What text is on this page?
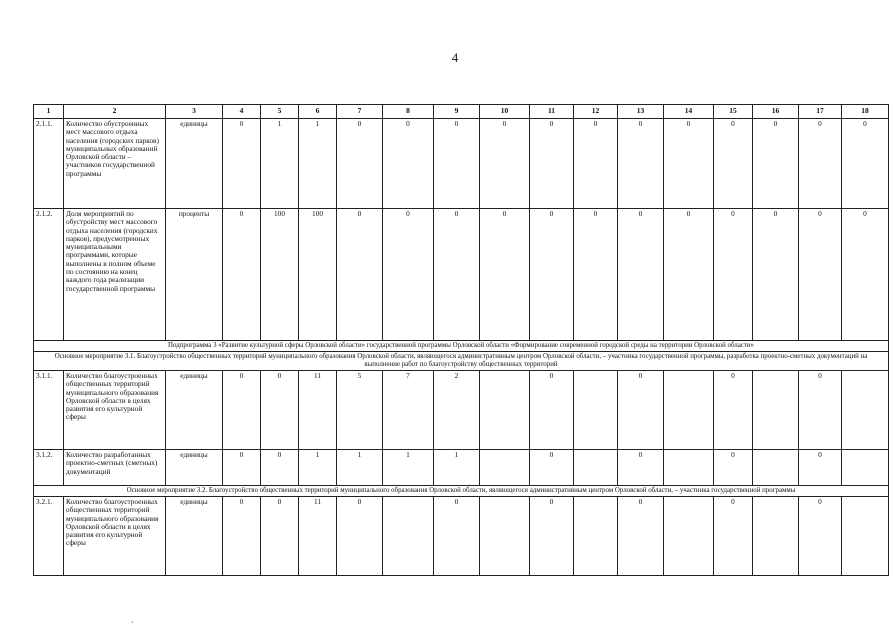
4
1	2	3	4	5	6	7	8	9	10	11	12	13	14	15	16	17	18
2.1.1.	Количество обустроенных мест массового отдыха населения (городских парков) муниципальных образований Орловской области – участников государственной программы	единицы	0	1	1	0	0	0	0	0	0	0	0	0	0	0	0
2.1.2.	Доля мероприятий по обустройству мест массового отдыха населения (городских парков), предусмотренных муниципальными программами, которые выполнены в полном объеме по состоянию на конец каждого года реализации государственной программы	проценты	0	100	100	0	0	0	0	0	0	0	0	0	0	0	0
Подпрограмма 3 «Развитие культурной сферы Орловской области» государственной программы Орловской области «Формирование современной городской среды на территории Орловской области»																	
Основное мероприятие 3.1. Благоустройство общественных территорий муниципального образования Орловской области, являющегося административным центром Орловской области, – участника государственной программы, разработка проектно-сметных документаций на выполнение работ по благоустройству общественных территорий																	
3.1.1.	Количество благоустроенных общественных территорий муниципального образования Орловской области в целях развития его культурной сферы	единицы	0	0	11	5	7	2		0		0		0		0	
3.1.2.	Количество разработанных проектно-сметных (сметных) документаций	единицы	0	0	1	1	1	1		0		0		0		0	
Основное мероприятие 3.2. Благоустройство общественных территорий муниципального образования Орловской области, являющегося административным центром Орловской области, – участника государственной программы																	
3.2.1.	Количество благоустроенных общественных территорий муниципального образования Орловской области в целях развития его культурной сферы	единицы	0	0	11	0		0		0		0		0		0	
·
